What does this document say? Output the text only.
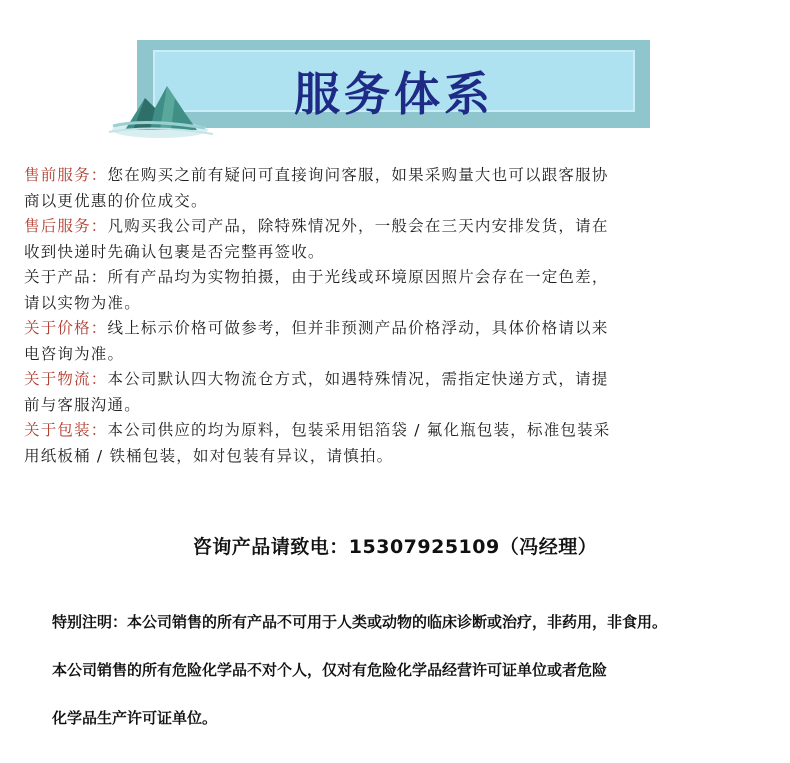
服务体系

售前服务：您在购买之前有疑问可直接询问客服，如果采购量大也可以跟客服协

商以更优惠的价位成交。

售后服务：凡购买我公司产品，除特殊情况外，一般会在三天内安排发货，请在

收到快递时先确认包裹是否完整再签收。

关于产品：所有产品均为实物拍摄，由于光线或环境原因照片会存在一定色差，

请以实物为准。

关于价格：线上标示价格可做参考，但并非预测产品价格浮动，具体价格请以来

电咨询为准。

关于物流：本公司默认四大物流仓方式，如遇特殊情况，需指定快递方式，请提

前与客服沟通。

关于包装：本公司供应的均为原料，包装采用铝箔袋 / 氟化瓶包装，标准包装采

用纸板桶 / 铁桶包装，如对包装有异议，请慎拍。

咨询产品请致电：15307925109（冯经理）
特别注明：本公司销售的所有产品不可用于人类或动物的临床诊断或治疗，非药用，非食用。
本公司销售的所有危险化学品不对个人，仅对有危险化学品经营许可证单位或者危险
化学品生产许可证单位。
